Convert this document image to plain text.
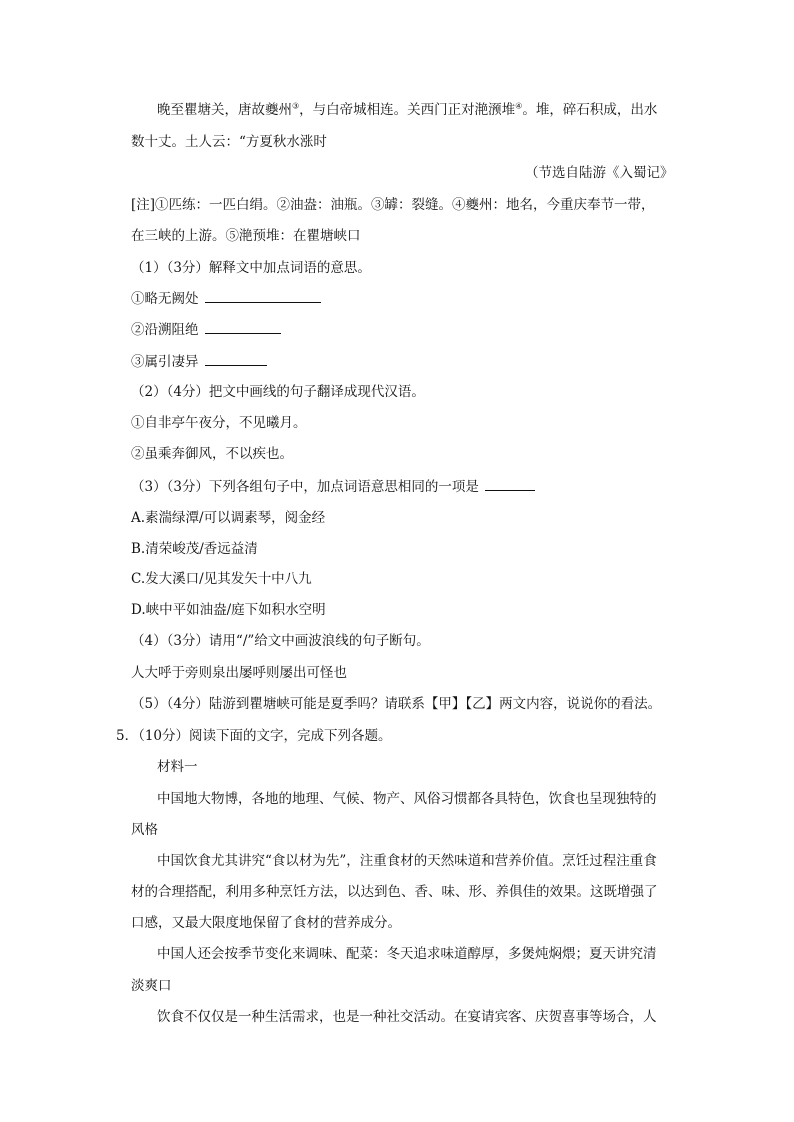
晚至瞿塘关，唐故夔州③，与白帝城相连。关西门正对滟滪堆④。堆，碎石积成，出水
数十丈。土人云：“方夏秋水涨时
（节选自陆游《入蜀记》
[注]①匹练：一匹白绢。②油盎：油瓶。③罅：裂缝。④夔州：地名，今重庆奉节一带，
在三峡的上游。⑤滟预堆：在瞿塘峡口
（1）（3分）解释文中加点词语的意思。
①略无阙处
②沿溯阻绝
③属引凄异
（2）（4分）把文中画线的句子翻译成现代汉语。
①自非亭午夜分，不见曦月。
②虽乘奔御风，不以疾也。
（3）（3分）下列各组句子中，加点词语意思相同的一项是
A.素湍绿潭/可以调素琴，阅金经
B.清荣峻茂/香远益清
C.发大溪口/见其发矢十中八九
D.峡中平如油盎/庭下如积水空明
（4）（3分）请用“/”给文中画波浪线的句子断句。
人大呼于旁则泉出屡呼则屡出可怪也
（5）（4分）陆游到瞿塘峡可能是夏季吗？请联系【甲】【乙】两文内容，说说你的看法。
5．（10分）阅读下面的文字，完成下列各题。
材料一
中国地大物博，各地的地理、气候、物产、风俗习惯都各具特色，饮食也呈现独特的
风格
中国饮食尤其讲究“食以材为先”，注重食材的天然味道和营养价值。烹饪过程注重食
材的合理搭配，利用多种烹饪方法，以达到色、香、味、形、养俱佳的效果。这既增强了
口感，又最大限度地保留了食材的营养成分。
中国人还会按季节变化来调味、配菜：冬天追求味道醇厚，多煲炖焖煨；夏天讲究清
淡爽口
饮食不仅仅是一种生活需求，也是一种社交活动。在宴请宾客、庆贺喜事等场合，人
